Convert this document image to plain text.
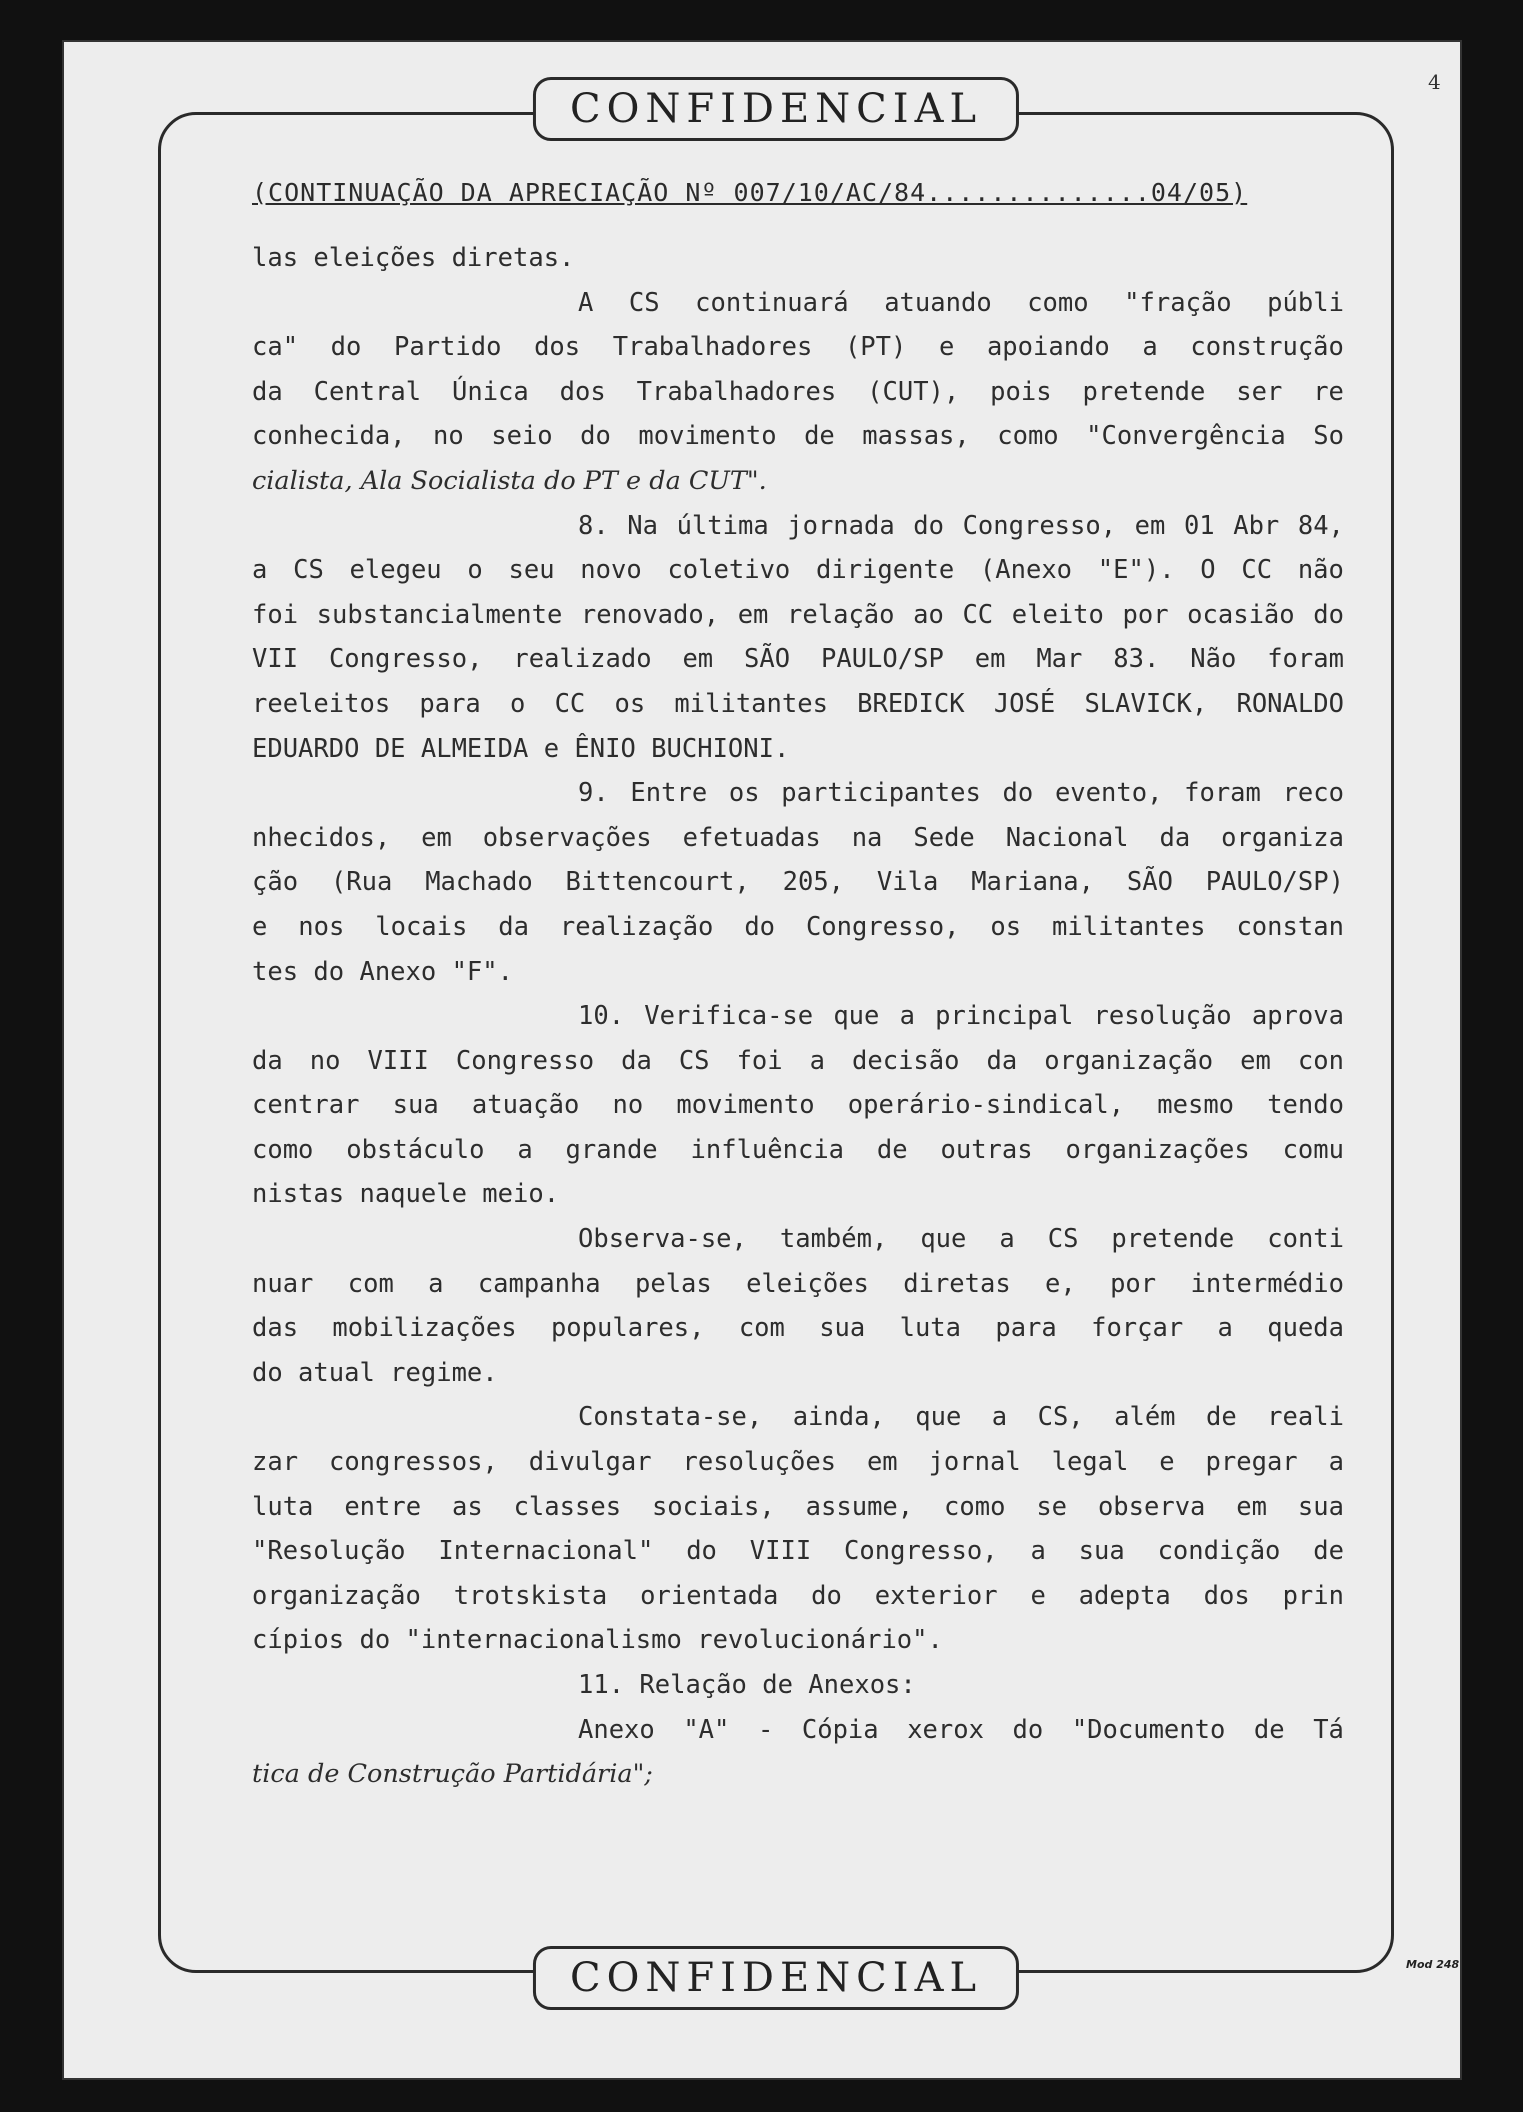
4
CONFIDENCIAL
CONFIDENCIAL	Mod 248
(CONTINUAÇÃO DA APRECIAÇÃO Nº 007/10/AC/84..............04/05)
las eleições diretas.
A CS continuará atuando como "fração públi
ca" do Partido dos Trabalhadores (PT) e apoiando a construção
da Central Única dos Trabalhadores (CUT), pois pretende ser re
conhecida, no seio do movimento de massas, como "Convergência So
cialista, Ala Socialista do PT e da CUT".
8. Na última jornada do Congresso, em 01 Abr 84,
a CS elegeu o seu novo coletivo dirigente (Anexo "E"). O CC não
foi substancialmente renovado, em relação ao CC eleito por ocasião do
VII Congresso, realizado em SÃO PAULO/SP em Mar 83. Não foram
reeleitos para o CC os militantes BREDICK JOSÉ SLAVICK, RONALDO
EDUARDO DE ALMEIDA e ÊNIO BUCHIONI.
9. Entre os participantes do evento, foram reco
nhecidos, em observações efetuadas na Sede Nacional da organiza
ção (Rua Machado Bittencourt, 205, Vila Mariana, SÃO PAULO/SP)
e nos locais da realização do Congresso, os militantes constan
tes do Anexo "F".
10. Verifica-se que a principal resolução aprova
da no VIII Congresso da CS foi a decisão da organização em con
centrar sua atuação no movimento operário-sindical, mesmo tendo
como obstáculo a grande influência de outras organizações comu
nistas naquele meio.
Observa-se, também, que a CS pretende conti
nuar com a campanha pelas eleições diretas e, por intermédio
das mobilizações populares, com sua luta para forçar a queda
do atual regime.
Constata-se, ainda, que a CS, além de reali
zar congressos, divulgar resoluções em jornal legal e pregar a
luta entre as classes sociais, assume, como se observa em sua
"Resolução Internacional" do VIII Congresso, a sua condição de
organização trotskista orientada do exterior e adepta dos prin
cípios do "internacionalismo revolucionário".
11. Relação de Anexos:
Anexo "A" - Cópia xerox do "Documento de Tá
tica de Construção Partidária";
